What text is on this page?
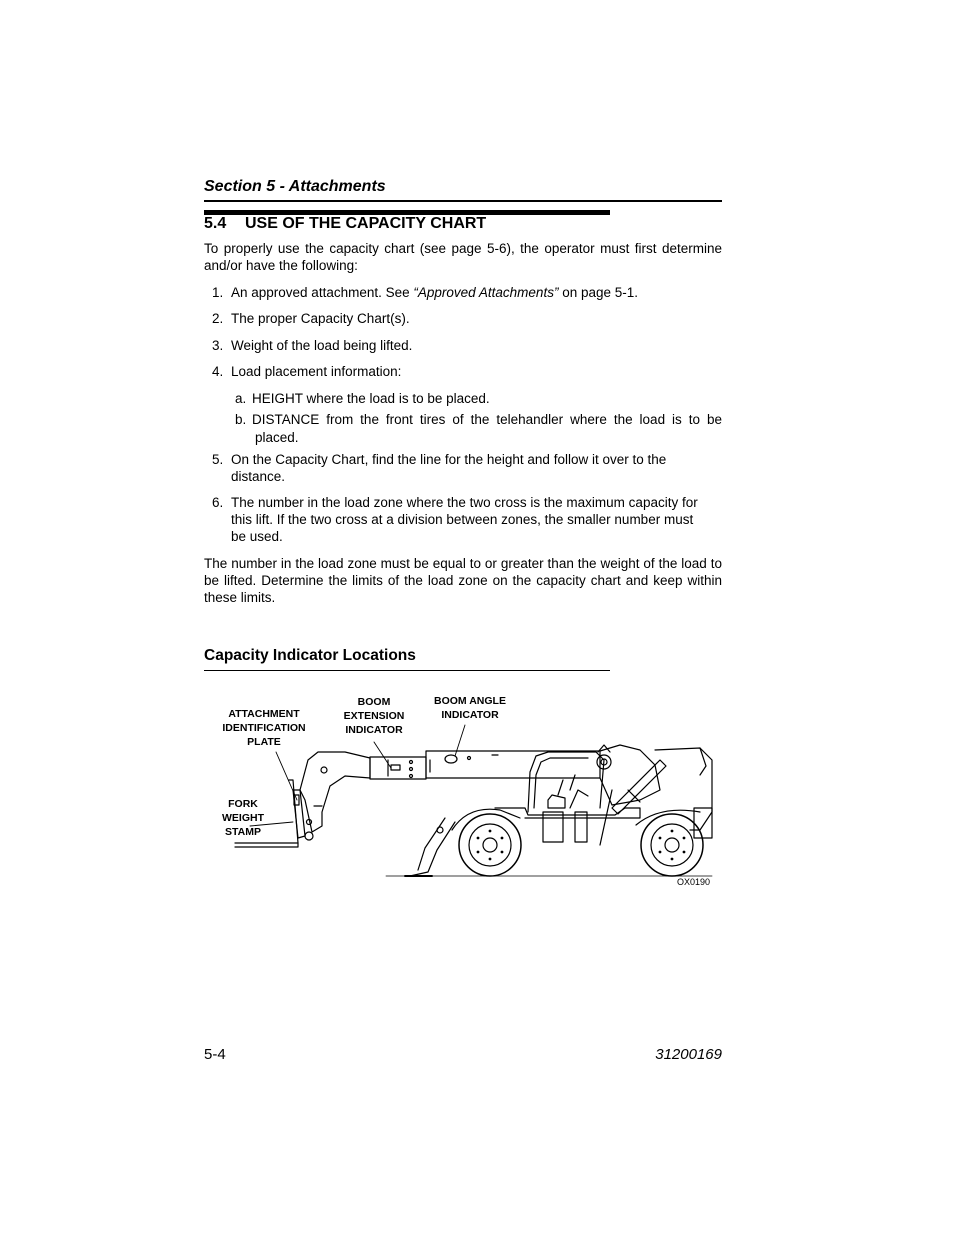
Section 5 - Attachments
5.4 USE OF THE CAPACITY CHART
To properly use the capacity chart (see page 5-6), the operator must first determine and/or have the following:
1. An approved attachment. See “Approved Attachments” on page 5-1.
2. The proper Capacity Chart(s).
3. Weight of the load being lifted.
4. Load placement information:
a. HEIGHT where the load is to be placed.
b. DISTANCE from the front tires of the telehandler where the load is to be
placed.
5. On the Capacity Chart, find the line for the height and follow it over to the
distance.
6. The number in the load zone where the two cross is the maximum capacity for
this lift. If the two cross at a division between zones, the smaller number must
be used.
The number in the load zone must be equal to or greater than the weight of the load to be lifted. Determine the limits of the load zone on the capacity chart and keep within these limits.
Capacity Indicator Locations
ATTACHMENT
IDENTIFICATION
PLATE
BOOM
EXTENSION
INDICATOR
BOOM ANGLE
INDICATOR
FORK
WEIGHT
STAMP
OX0190
5-4	31200169
